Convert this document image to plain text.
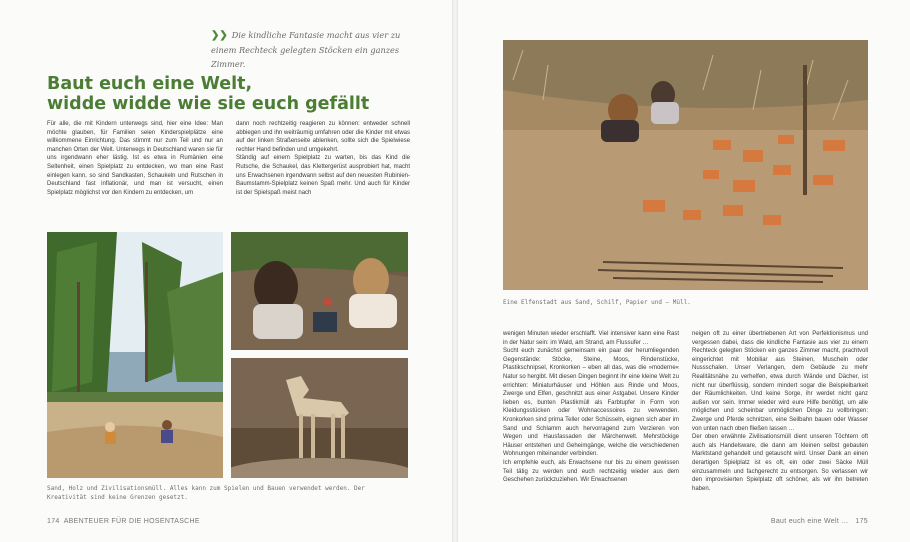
❯❯ Die kindliche Fantasie macht aus vier zu einem Rechteck gelegten Stöcken ein ganzes Zimmer.
Baut euch eine Welt,
widde widde wie sie euch gefällt

Für alle, die mit Kindern unterwegs sind, hier eine Idee: Man möchte glauben, für Familien seien Kinderspielplätze eine willkommene Einrichtung. Das stimmt nur zum Teil und nur an manchen Orten der Welt. Unterwegs in Deutschland waren sie für uns irgendwann eher lästig. Ist es etwa in Rumänien eine Seltenheit, einen Spielplatz zu entdecken, wo man eine Rast einlegen kann, so sind Sandkasten, Schaukeln und Rutschen in Deutschland fast inflationär, und man ist versucht, einen Spielplatz möglichst vor den Kindern zu entdecken, um

dann noch rechtzeitig reagieren zu können: entweder schnell abbiegen und ihn weiträumig umfahren oder die Kinder mit etwas auf der linken Straßenseite ablenken, sollte sich die Spielwiese rechter Hand befinden und umgekehrt.

Ständig auf einem Spielplatz zu warten, bis das Kind die Rutsche, die Schaukel, das Klettergerüst ausprobiert hat, macht uns Erwachsenen irgendwann selbst auf den neuesten Rubinien-Baumstamm-Spielplatz keinen Spaß mehr. Und auch für Kinder ist der Spielspaß meist nach

Sand, Holz und Zivilisationsmüll. Alles kann zum Spielen und Bauen verwendet werden. Der Kreativität sind keine Grenzen gesetzt.
174 ABENTEUER FÜR DIE HOSENTASCHE
Eine Elfenstadt aus Sand, Schilf, Papier und – Müll.

wenigen Minuten wieder erschlafft. Viel intensiver kann eine Rast in der Natur sein: im Wald, am Strand, am Flussufer …

Sucht euch zunächst gemeinsam ein paar der herumliegenden Gegenstände: Stöcke, Steine, Moos, Rindenstücke, Plastikschnipsel, Kronkorken – eben all das, was die »moderne« Natur so hergibt. Mit diesen Dingen beginnt ihr eine kleine Welt zu errichten: Miniaturhäuser und Höhlen aus Rinde und Moos, Zwerge und Elfen, geschnitzt aus einer Astgabel. Unsere Kinder lieben es, bunten Plastikmüll als Farbtupfer in Form von Kleidungsstücken oder Wohnaccessoires zu verwenden. Kronkorken sind prima Teller oder Schüsseln, eignen sich aber im Sand und Schlamm auch hervorragend zum Verzieren von Wegen und Hausfassaden der Märchenwelt. Mehrstöckige Häuser entstehen und Geheimgänge, welche die verschiedenen Wohnungen miteinander verbinden.

Ich empfehle euch, als Erwachsene nur bis zu einem gewissen Teil tätig zu werden und euch rechtzeitig wieder aus dem Geschehen zurückzuziehen. Wir Erwachsenen

neigen oft zu einer übertriebenen Art von Perfektionismus und vergessen dabei, dass die kindliche Fantasie aus vier zu einem Rechteck gelegten Stöcken ein ganzes Zimmer macht, prachtvoll eingerichtet mit Mobiliar aus Steinen, Muscheln oder Nussschalen. Unser Verlangen, dem Gebäude zu mehr Realitätsnähe zu verhelfen, etwa durch Wände und Dächer, ist nicht nur überflüssig, sondern mindert sogar die Beispielbarkeit der Räumlichkeiten. Und keine Sorge, ihr werdet nicht ganz außen vor sein. Immer wieder wird eure Hilfe benötigt, um alle möglichen und scheinbar unmöglichen Dinge zu vollbringen: Zwerge und Pferde schnitzen, eine Seilbahn bauen oder Wasser von unten nach oben fließen lassen …

Der oben erwähnte Zivilisationsmüll dient unseren Töchtern oft auch als Handelsware, die dann am kleinen selbst gebauten Marktstand gehandelt und getauscht wird. Unser Dank an einen derartigen Spielplatz ist es oft, ein oder zwei Säcke Müll einzusammeln und fachgerecht zu entsorgen. So verlassen wir den improvisierten Spielplatz oft schöner, als wir ihn betreten haben.

Baut euch eine Welt … 175
